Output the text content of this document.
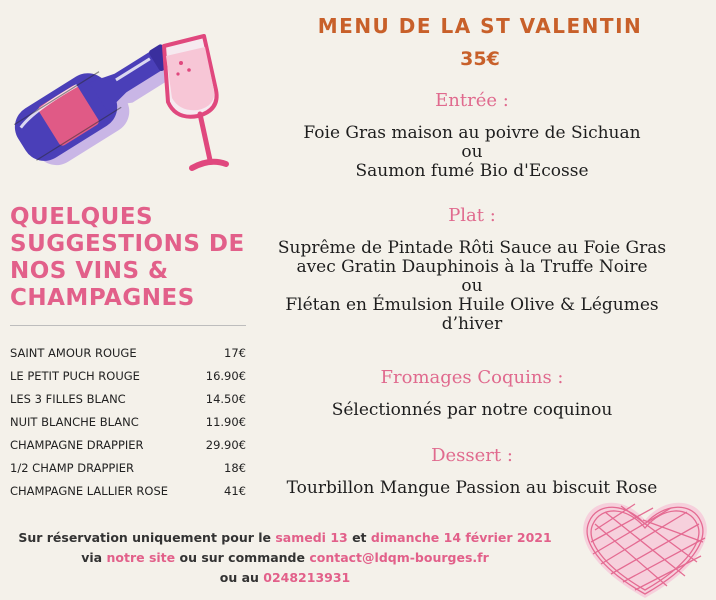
MENU DE LA ST VALENTIN
35€
Entrée :
Foie Gras maison au poivre de Sichuan
ou
Saumon fumé Bio d'Ecosse
Plat :
Suprême de Pintade Rôti Sauce au Foie Gras
avec Gratin Dauphinois à la Truffe Noire
ou
Flétan en Émulsion Huile Olive & Légumes
d’hiver
Fromages Coquins :
Sélectionnés par notre coquinou
Dessert :
Tourbillon Mangue Passion au biscuit Rose
QUELQUES SUGGESTIONS DE NOS VINS & CHAMPAGNES
SAINT AMOUR ROUGE	17€
LE PETIT PUCH ROUGE	16.90€
LES 3 FILLES BLANC	14.50€
NUIT BLANCHE BLANC	11.90€
CHAMPAGNE DRAPPIER	29.90€
1/2 CHAMP DRAPPIER	18€
CHAMPAGNE LALLIER ROSE	41€
Sur réservation uniquement pour le samedi 13 et dimanche 14 février 2021
via notre site ou sur commande contact@ldqm-bourges.fr
ou au 0248213931
